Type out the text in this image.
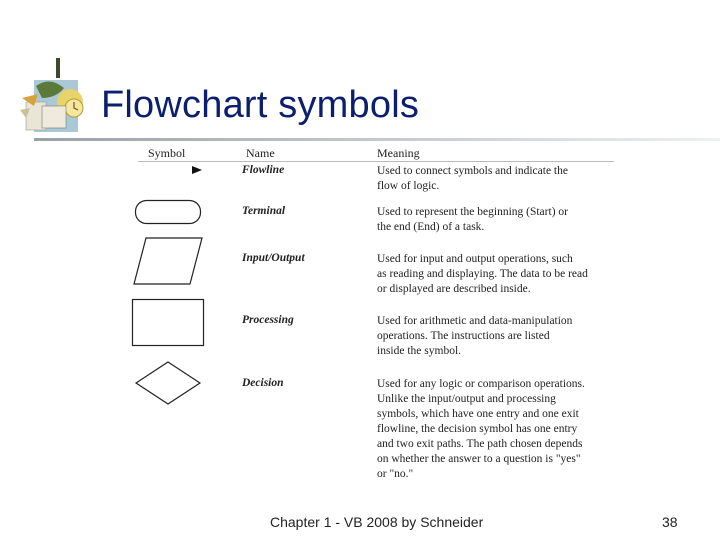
Flowchart symbols
Symbol	Name	Meaning
Flowline	Used to connect symbols and indicate the
flow of logic.
Terminal	Used to represent the beginning (Start) or
the end (End) of a task.
Input/Output	Used for input and output operations, such
as reading and displaying. The data to be read
or displayed are described inside.
Processing	Used for arithmetic and data-manipulation
operations. The instructions are listed
inside the symbol.
Decision	Used for any logic or comparison operations.
Unlike the input/output and processing
symbols, which have one entry and one exit
flowline, the decision symbol has one entry
and two exit paths. The path chosen depends
on whether the answer to a question is "yes"
or "no."
Chapter 1 - VB 2008 by Schneider	38
